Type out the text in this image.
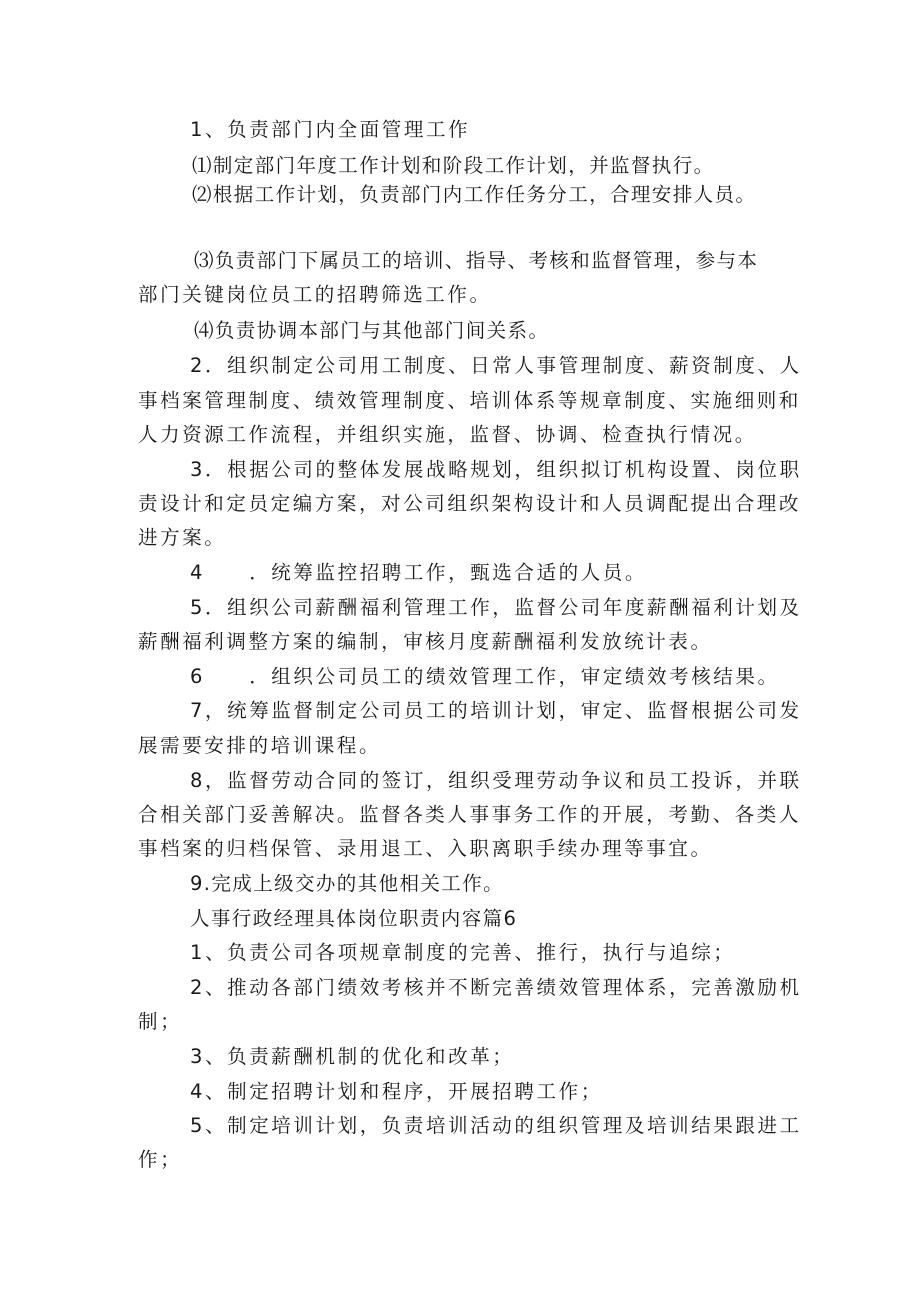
1、负责部门内全面管理工作
⑴制定部门年度工作计划和阶段工作计划，并监督执行。
⑵根据工作计划，负责部门内工作任务分工，合理安排人员。
⑶负责部门下属员工的培训、指导、考核和监督管理，参与本
部门关键岗位员工的招聘筛选工作。
⑷负责协调本部门与其他部门间关系。
2．组织制定公司用工制度、日常人事管理制度、薪资制度、人
事档案管理制度、绩效管理制度、培训体系等规章制度、实施细则和
人力资源工作流程，并组织实施，监督、协调、检查执行情况。
3．根据公司的整体发展战略规划，组织拟订机构设置、岗位职
责设计和定员定编方案，对公司组织架构设计和人员调配提出合理改
进方案。
4　　．统筹监控招聘工作，甄选合适的人员。
5．组织公司薪酬福利管理工作，监督公司年度薪酬福利计划及
薪酬福利调整方案的编制，审核月度薪酬福利发放统计表。
6　　．组织公司员工的绩效管理工作，审定绩效考核结果。
7，统筹监督制定公司员工的培训计划，审定、监督根据公司发
展需要安排的培训课程。
8，监督劳动合同的签订，组织受理劳动争议和员工投诉，并联
合相关部门妥善解决。监督各类人事事务工作的开展，考勤、各类人
事档案的归档保管、录用退工、入职离职手续办理等事宜。
9.完成上级交办的其他相关工作。
人事行政经理具体岗位职责内容篇6
1、负责公司各项规章制度的完善、推行，执行与追综；
2、推动各部门绩效考核并不断完善绩效管理体系，完善激励机
制；
3、负责薪酬机制的优化和改革；
4、制定招聘计划和程序，开展招聘工作；
5、制定培训计划，负责培训活动的组织管理及培训结果跟进工
作；
